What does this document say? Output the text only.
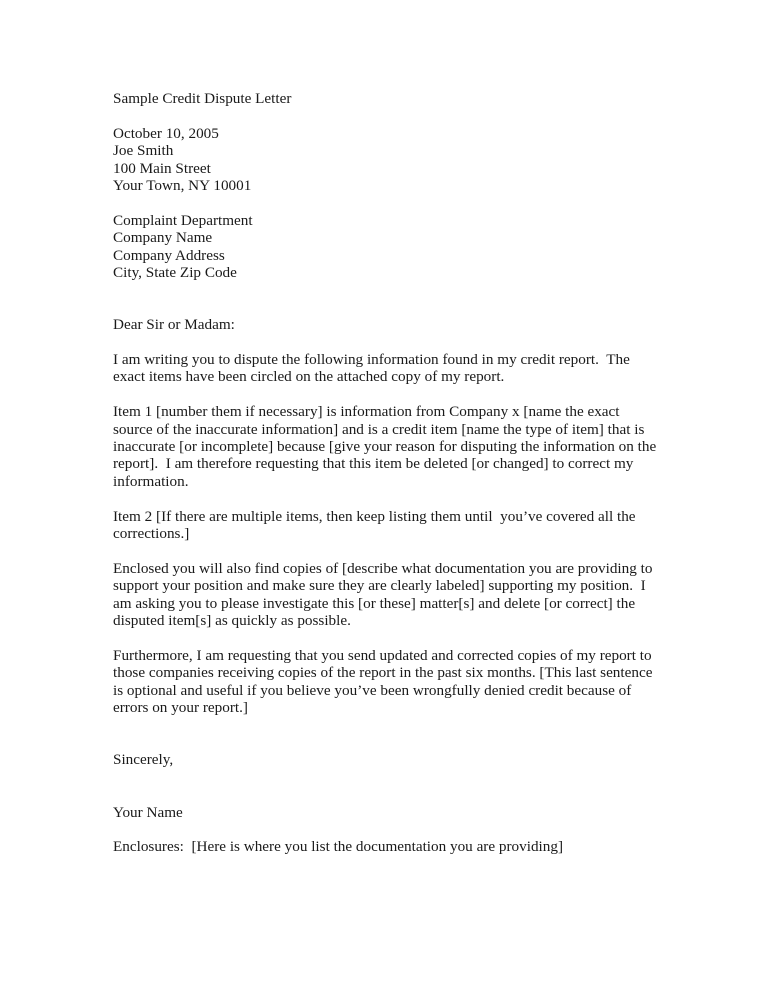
Sample Credit Dispute Letter
October 10, 2005
Joe Smith
100 Main Street
Your Town, NY 10001
Complaint Department
Company Name
Company Address
City, State Zip Code
Dear Sir or Madam:
I am writing you to dispute the following information found in my credit report.  The
exact items have been circled on the attached copy of my report.
Item 1 [number them if necessary] is information from Company x [name the exact
source of the inaccurate information] and is a credit item [name the type of item] that is
inaccurate [or incomplete] because [give your reason for disputing the information on the
report].  I am therefore requesting that this item be deleted [or changed] to correct my
information.
Item 2 [If there are multiple items, then keep listing them until  you’ve covered all the
corrections.]
Enclosed you will also find copies of [describe what documentation you are providing to
support your position and make sure they are clearly labeled] supporting my position.  I
am asking you to please investigate this [or these] matter[s] and delete [or correct] the
disputed item[s] as quickly as possible.
Furthermore, I am requesting that you send updated and corrected copies of my report to
those companies receiving copies of the report in the past six months. [This last sentence
is optional and useful if you believe you’ve been wrongfully denied credit because of
errors on your report.]
Sincerely,
Your Name
Enclosures:  [Here is where you list the documentation you are providing]
